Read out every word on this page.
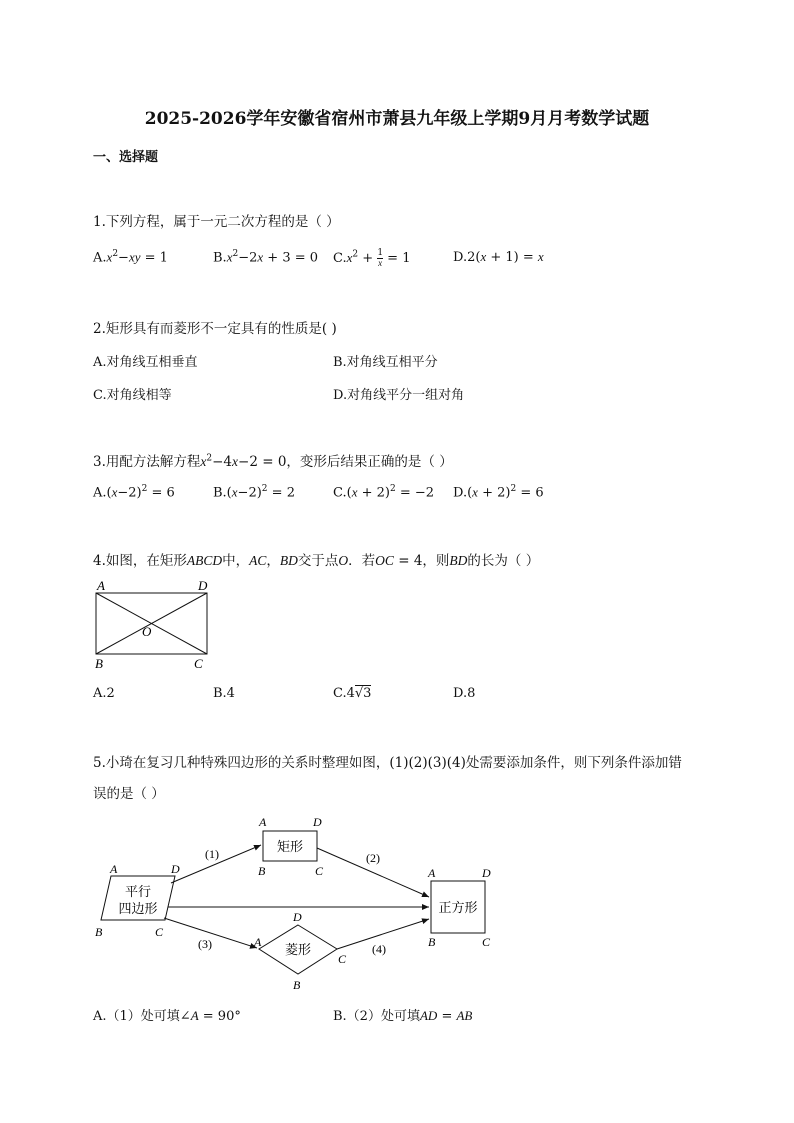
2025-2026学年安徽省宿州市萧县九年级上学期9月月考数学试题
一、选择题
1.下列方程，属于一元二次方程的是（ ）
$A.x^2-xy = 1$	$B.x^2-2x + 3 = 0$ $C.x^2 + \frac{1}{x} = 1$	D.2(x + 1) = x
2.矩形具有而菱形不一定具有的性质是( )
A.对角线互相垂直	B.对角线互相平分
C.对角线相等	D.对角线平分一组对角
3.用配方法解方程$x^2-4x-2 = 0$，变形后结果正确的是（ ）
$A.(x-2)^2 = 6$	$B.(x-2)^2 = 2$	$C.(x + 2)^2 = -2$ $D.(x + 2)^2 = 6$
4.如图，在矩形ABCD中，AC，BD交于点O．若OC = 4，则BD的长为（ ）
A	D
B	C
O
A.2	B.4	C.4√3	D.8
5.小琦在复习几种特殊四边形的关系时整理如图，(1)(2)(3)(4)处需要添加条件，则下列条件添加错
误的是（ ）
平行
四边形
A	D
B	C
矩形
A	D
B	C
菱形
A
D
B
C
正方形
A	D
B	C
(1)	(2)
(3)	(4)
A.（1）处可填∠A = 90°	B.（2）处可填AD = AB
